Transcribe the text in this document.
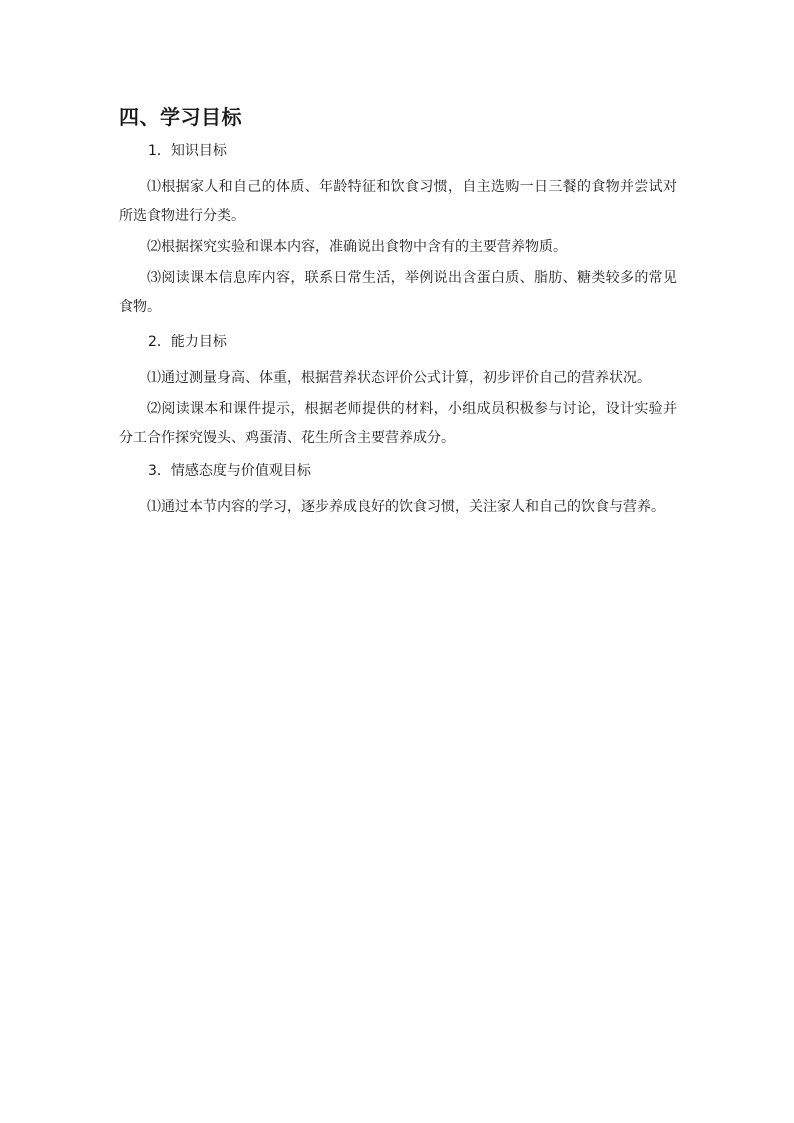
四、学习目标
1．知识目标

⑴根据家人和自己的体质、年龄特征和饮食习惯，自主选购一日三餐的食物并尝试对所选食物进行分类。

⑵根据探究实验和课本内容，准确说出食物中含有的主要营养物质。

⑶阅读课本信息库内容，联系日常生活，举例说出含蛋白质、脂肪、糖类较多的常见食物。

2．能力目标

⑴通过测量身高、体重，根据营养状态评价公式计算，初步评价自己的营养状况。

⑵阅读课本和课件提示，根据老师提供的材料，小组成员积极参与讨论，设计实验并分工合作探究馒头、鸡蛋清、花生所含主要营养成分。

3．情感态度与价值观目标

⑴通过本节内容的学习，逐步养成良好的饮食习惯，关注家人和自己的饮食与营养。
